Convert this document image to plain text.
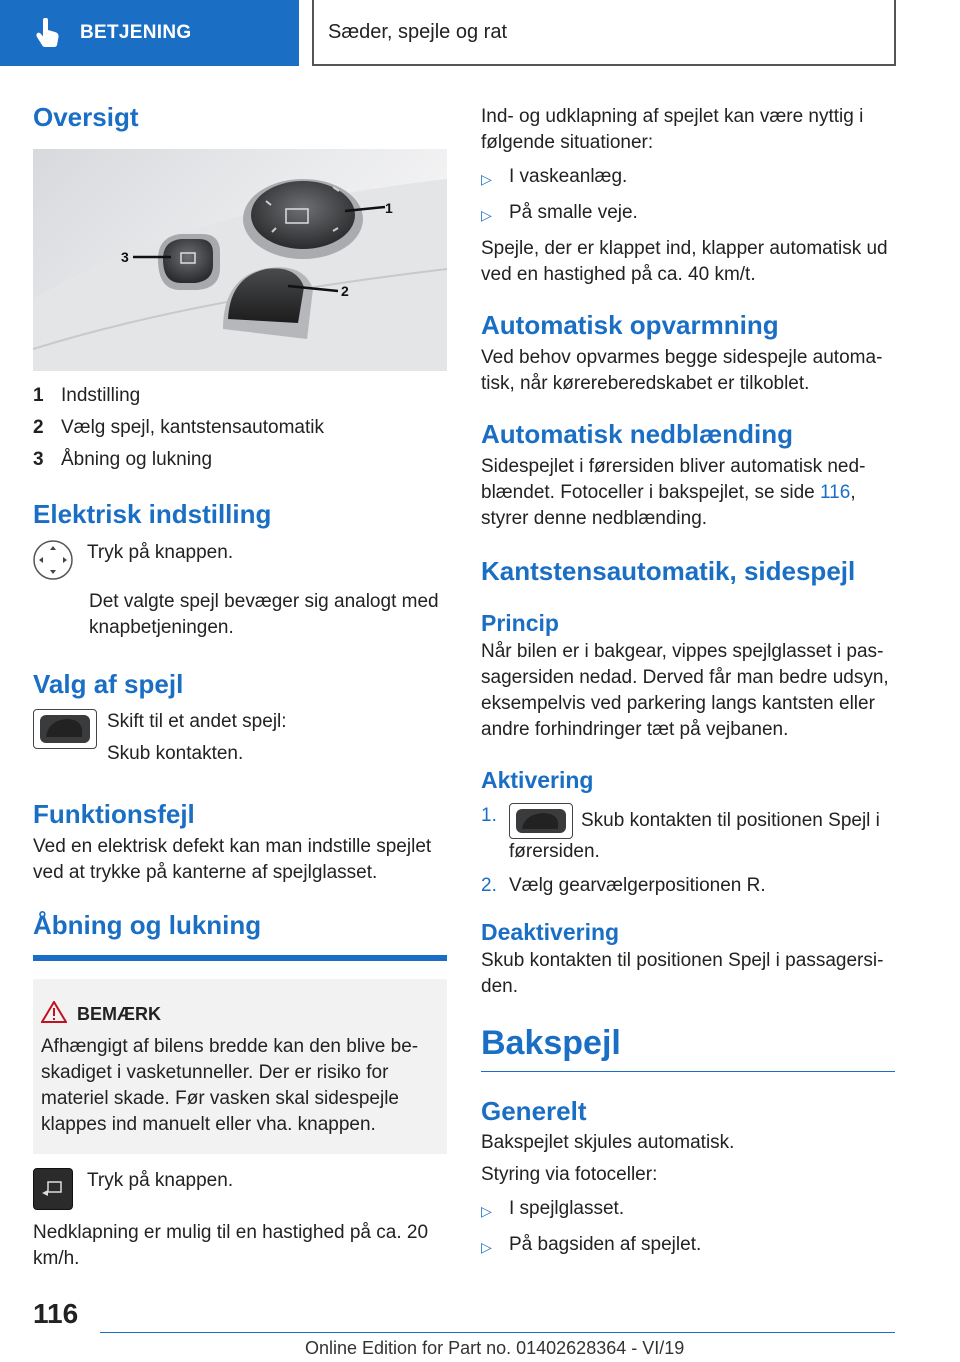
BETJENING	Sæder, spejle og rat
Oversigt
1
2
3
1 Indstilling
2 Vælg spejl, kantstensautomatik
3 Åbning og lukning
Elektrisk indstilling

Tryk på knappen.

Det valgte spejl bevæger sig analogt med knapbetjeningen.

Valg af spejl

Skift til et andet spejl:

Skub kontakten.

Funktionsfejl

Ved en elektrisk defekt kan man indstille spejlet ved at trykke på kanterne af spejlglasset.

Åbning og lukning
BEMÆRK

Afhængigt af bilens bredde kan den blive beskadiget i vasketunneller. Der er risiko for materiel skade. Før vasken skal sidespejle klappes ind manuelt eller vha. knappen.

Tryk på knappen.

Nedklapning er mulig til en hastighed på ca. 20 km/h.

Ind- og udklapning af spejlet kan være nyttig i følgende situationer:

▷ I vaskeanlæg.
▷ På smalle veje.

Spejle, der er klappet ind, klapper automatisk ud ved en hastighed på ca. 40 km/t.

Automatisk opvarmning

Ved behov opvarmes begge sidespejle automatisk, når kørereberedskabet er tilkoblet.

Automatisk nedblænding

Sidespejlet i førersiden bliver automatisk nedblændet. Fotoceller i bakspejlet, se side 116, styrer denne nedblænding.

Kantstensautomatik, sidespejl
Princip

Når bilen er i bakgear, vippes spejlglasset i passagersiden nedad. Derved får man bedre udsyn, eksempelvis ved parkering langs kantsten eller andre forhindringer tæt på vejbanen.

Aktivering
1.	Skub kontakten til positionen Spejl i førersiden.
2. Vælg gearvælgerpositionen R.
Deaktivering

Skub kontakten til positionen Spejl i passagersiden.

Bakspejl
Generelt

Bakspejlet skjules automatisk.

Styring via fotoceller:

▷ I spejlglasset.
▷ På bagsiden af spejlet.
116
Online Edition for Part no. 01402628364 - VI/19
